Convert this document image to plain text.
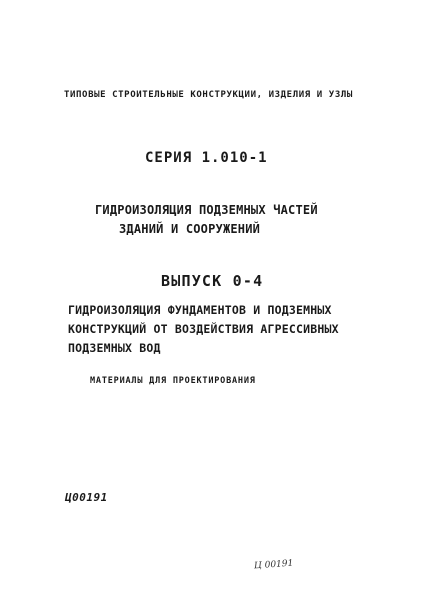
ТИПОВЫЕ СТРОИТЕЛЬНЫЕ КОНСТРУКЦИИ, ИЗДЕЛИЯ И УЗЛЫ
СЕРИЯ 1.010-1
ГИДРОИЗОЛЯЦИЯ ПОДЗЕМНЫХ ЧАСТЕЙ
ЗДАНИЙ И СООРУЖЕНИЙ
ВЫПУСК 0-4
ГИДРОИЗОЛЯЦИЯ ФУНДАМЕНТОВ И ПОДЗЕМНЫХ
КОНСТРУКЦИЙ ОТ ВОЗДЕЙСТВИЯ АГРЕССИВНЫХ
ПОДЗЕМНЫХ ВОД
МАТЕРИАЛЫ ДЛЯ ПРОЕКТИРОВАНИЯ
Ц00191
Ц 00191
